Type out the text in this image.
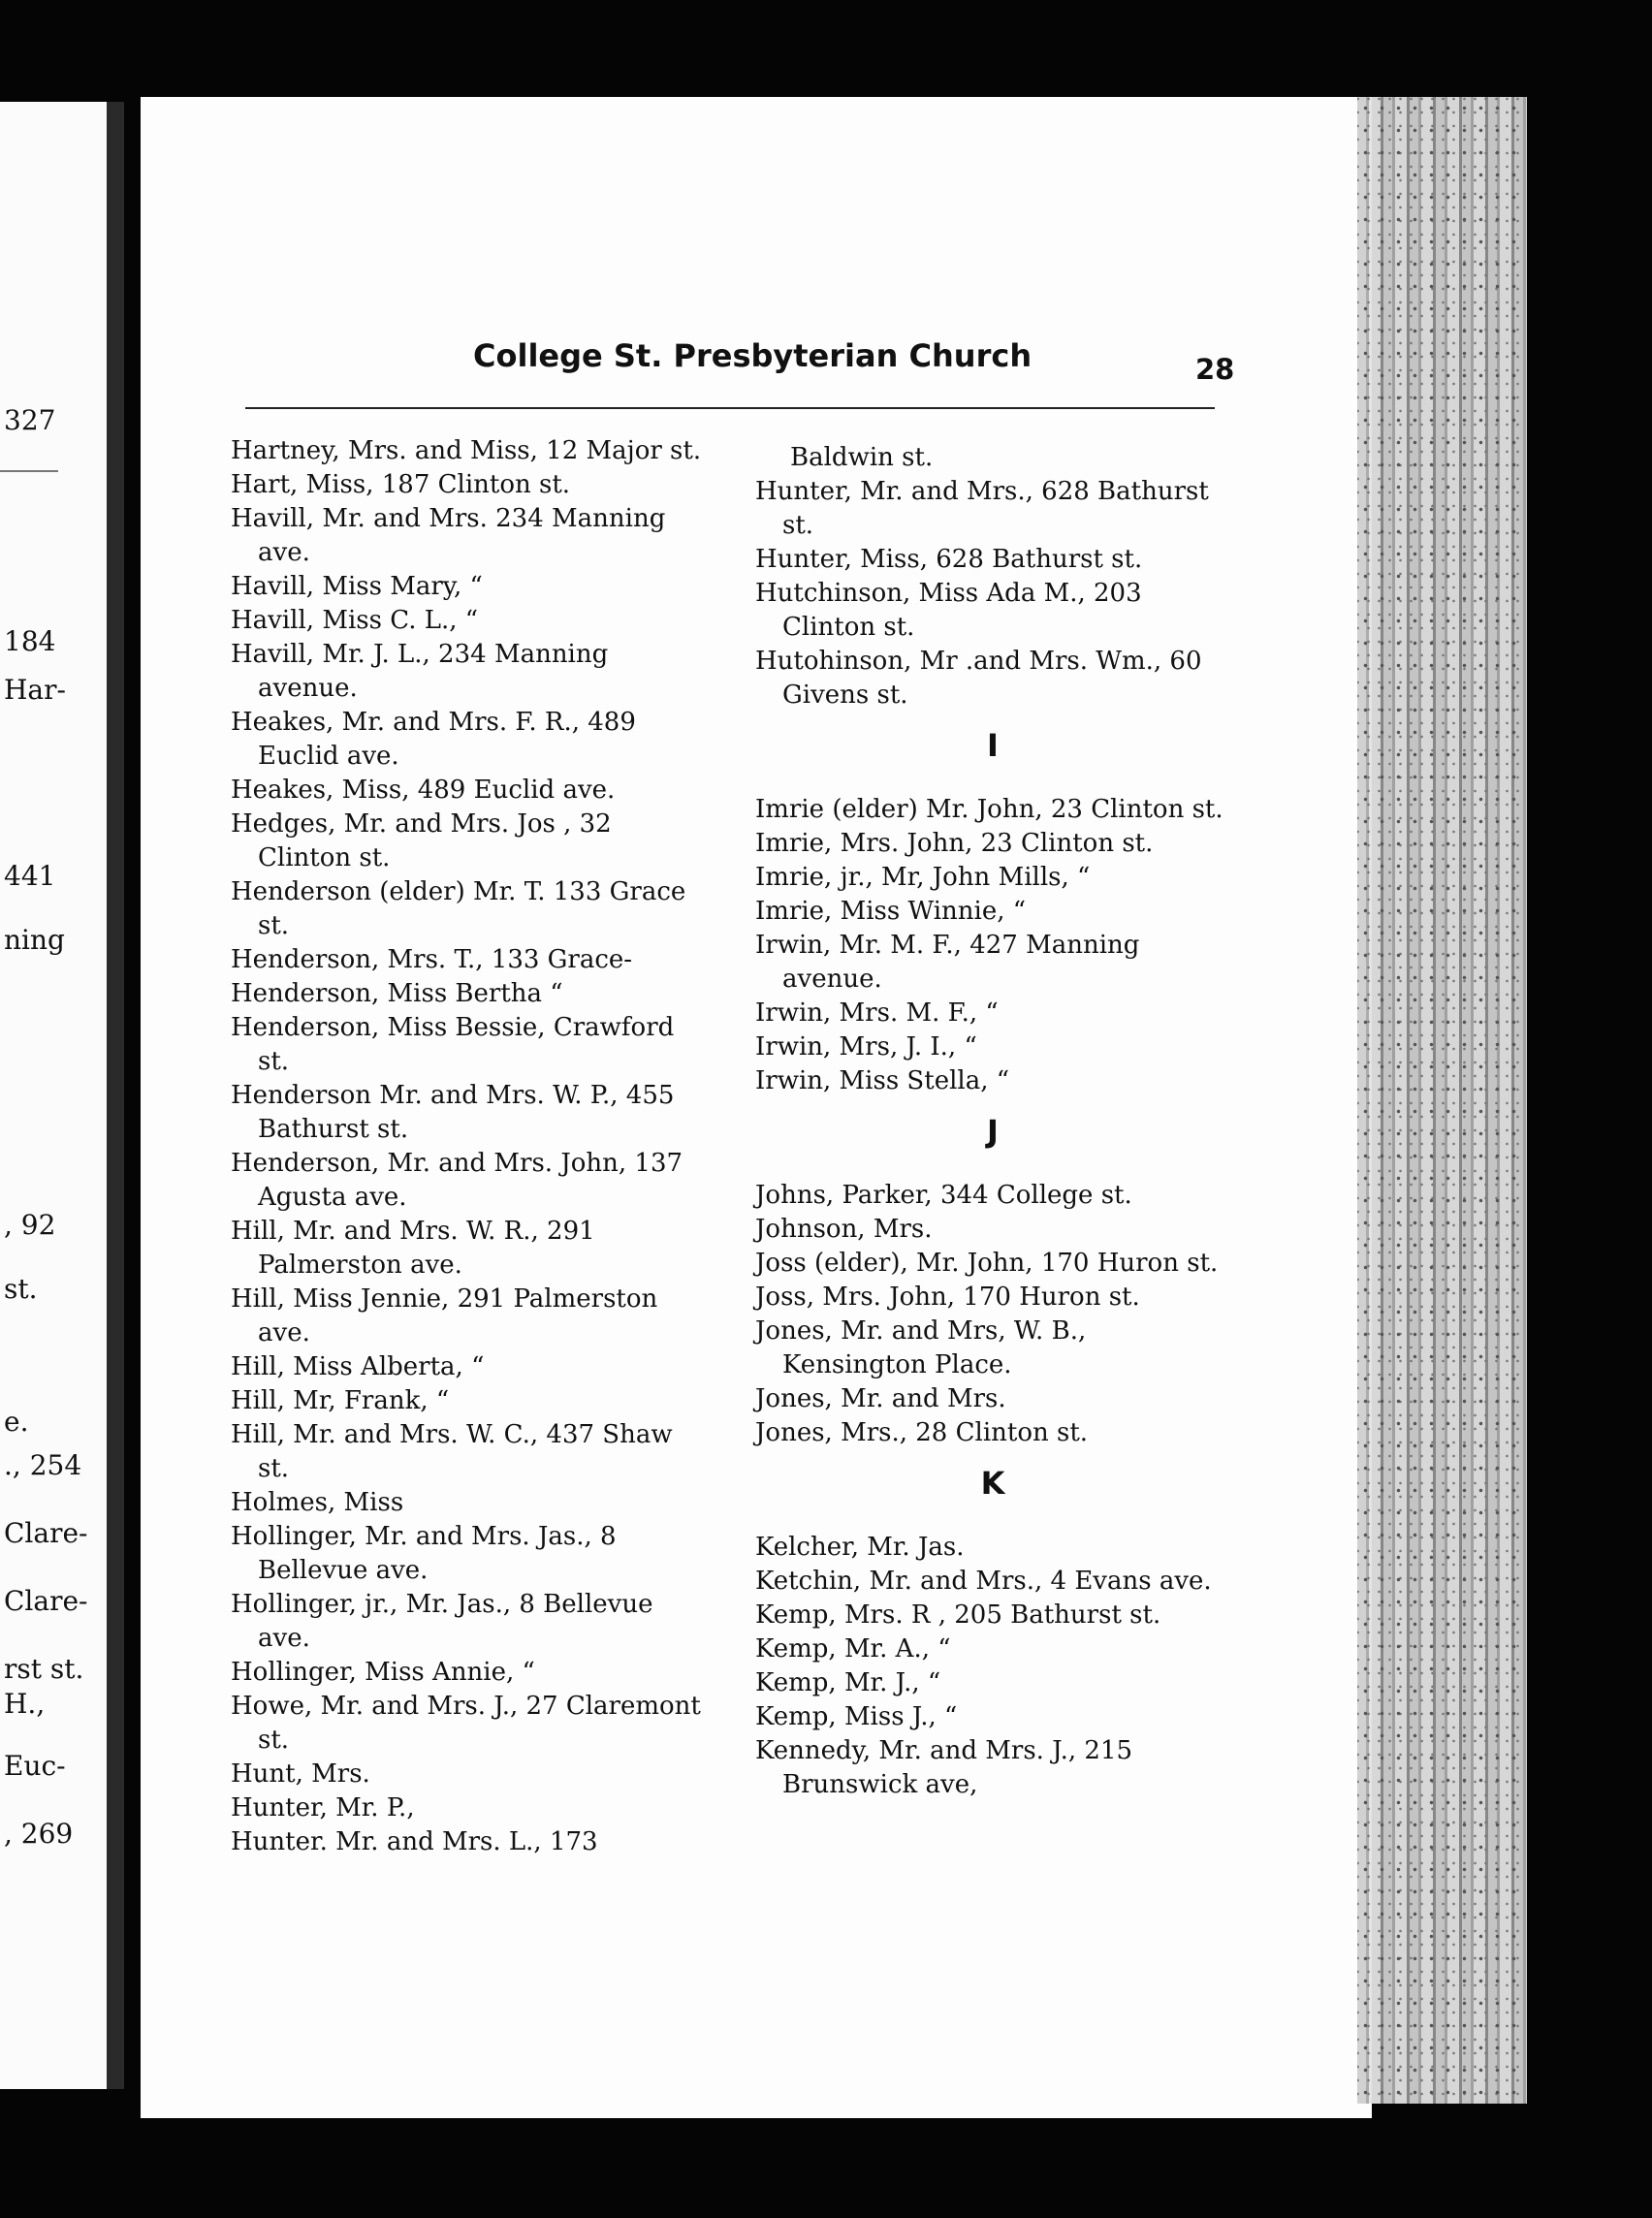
327
184
Har-
441
ning
, 92
st.
e.
., 254
Clare-
Clare-
rst st.
H.,
Euc-
, 269
College St. Presbyterian Church	28
Hartney, Mrs. and Miss, 12 Major st.
Hart, Miss, 187 Clinton st.
Havill, Mr. and Mrs. 234 Manning ave.
Havill, Miss Mary, “
Havill, Miss C. L., “
Havill, Mr. J. L., 234 Manning avenue.
Heakes, Mr. and Mrs. F. R., 489 Euclid ave.
Heakes, Miss, 489 Euclid ave.
Hedges, Mr. and Mrs. Jos , 32 Clinton st.
Henderson (elder) Mr. T. 133 Grace st.
Henderson, Mrs. T., 133 Grace-
Henderson, Miss Bertha “
Henderson, Miss Bessie, Crawford st.
Henderson Mr. and Mrs. W. P., 455 Bathurst st.
Henderson, Mr. and Mrs. John, 137 Agusta ave.
Hill, Mr. and Mrs. W. R., 291 Palmerston ave.
Hill, Miss Jennie, 291 Palmerston ave.
Hill, Miss Alberta, “
Hill, Mr, Frank, “
Hill, Mr. and Mrs. W. C., 437 Shaw st.
Holmes, Miss
Hollinger, Mr. and Mrs. Jas., 8 Bellevue ave.
Hollinger, jr., Mr. Jas., 8 Bellevue ave.
Hollinger, Miss Annie, “
Howe, Mr. and Mrs. J., 27 Claremont st.
Hunt, Mrs.
Hunter, Mr. P.,
Hunter. Mr. and Mrs. L., 173
Baldwin st.
Hunter, Mr. and Mrs., 628 Bathurst st.
Hunter, Miss, 628 Bathurst st.
Hutchinson, Miss Ada M., 203 Clinton st.
Hutohinson, Mr .and Mrs. Wm., 60 Givens st.
I
Imrie (elder) Mr. John, 23 Clinton st.
Imrie, Mrs. John, 23 Clinton st.
Imrie, jr., Mr, John Mills, “
Imrie, Miss Winnie, “
Irwin, Mr. M. F., 427 Manning avenue.
Irwin, Mrs. M. F., “
Irwin, Mrs, J. I., “
Irwin, Miss Stella, “
J
Johns, Parker, 344 College st.
Johnson, Mrs.
Joss (elder), Mr. John, 170 Huron st.
Joss, Mrs. John, 170 Huron st.
Jones, Mr. and Mrs, W. B., Kensington Place.
Jones, Mr. and Mrs.
Jones, Mrs., 28 Clinton st.
K
Kelcher, Mr. Jas.
Ketchin, Mr. and Mrs., 4 Evans ave.
Kemp, Mrs. R , 205 Bathurst st.
Kemp, Mr. A., “
Kemp, Mr. J., “
Kemp, Miss J., “
Kennedy, Mr. and Mrs. J., 215 Brunswick ave,
